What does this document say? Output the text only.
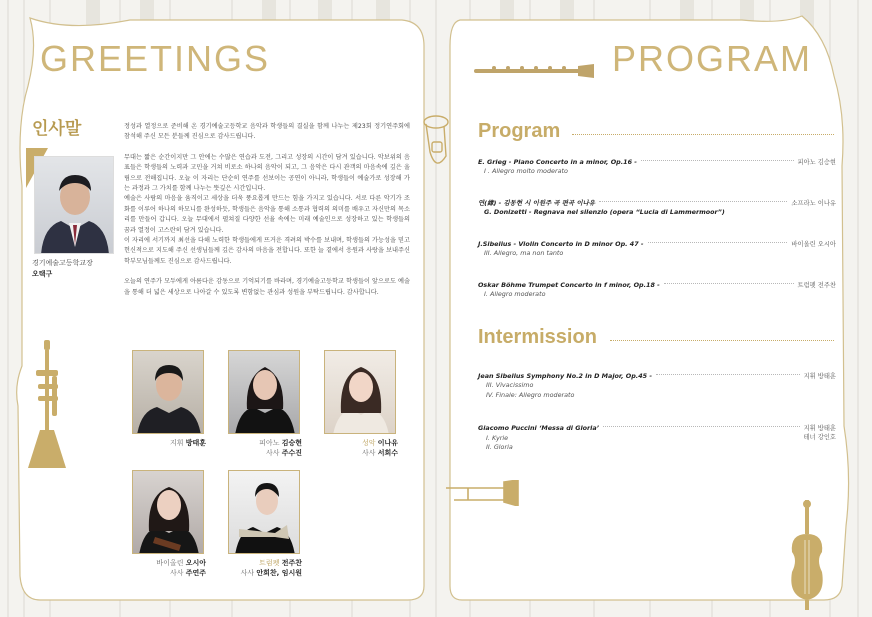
GREETINGS	PROGRAM
인사말
경기예술고등학교장
오택구

정성과 열정으로 준비해 온 경기예술고등학교 음악과 학생들의 결실을 함께 나누는 제23회 정기연주회에 참석해 주신 모든 분들께 진심으로 감사드립니다.

무대는 짧은 순간이지만 그 안에는 수많은 연습과 도전, 그리고 성장의 시간이 담겨 있습니다. 악보위의 음표들은 학생들의 노력과 고민을 거쳐 비로소 하나의 음악이 되고, 그 음악은 다시 관객의 마음속에 깊은 울림으로 전해집니다. 오늘 이 자리는 단순히 연주를 선보이는 공연이 아니라, 학생들이 예술가로 성장해 가는 과정과 그 가치를 함께 나누는 뜻깊은 시간입니다.

예술은 사람의 마음을 움직이고 세상을 더욱 풍요롭게 만드는 힘을 가지고 있습니다. 서로 다른 악기가 조화를 이루어 하나의 하모니를 완성하듯, 학생들은 음악을 통해 소통과 협력의 의미를 배우고 자신만의 목소리를 만들어 갑니다. 오늘 무대에서 펼쳐질 다양한 선율 속에는 미래 예술인으로 성장하고 있는 학생들의 꿈과 열정이 고스란히 담겨 있습니다.

이 자리에 서기까지 최선을 다해 노력한 학생들에게 뜨거운 격려의 박수를 보내며, 학생들의 가능성을 믿고 헌신적으로 지도해 주신 선생님들께 깊은 감사의 마음을 전합니다. 또한 늘 곁에서 응원과 사랑을 보내주신 학부모님들께도 진심으로 감사드립니다.

오늘의 연주가 모두에게 아름다운 감동으로 기억되기를 바라며, 경기예술고등학교 학생들이 앞으로도 예술을 통해 더 넓은 세상으로 나아갈 수 있도록 변함없는 관심과 성원을 부탁드립니다. 감사합니다.

지휘 방태훈	피아노 김승현
사사 주수진
성악 이나유
사사 서희수
바이올린 오시아
사사 주연주
트럼펫 전주찬
사사 안희찬, 임시원
Program
E. Grieg - Piano Concerto in a minor, Op.16 -	피아노 김승현
I . Allegro molto moderato
연(緣) - 김동현 시 이원주 곡 편곡 이나유	소프라노 이나유
G. Donizetti - Regnava nel silenzio (opera “Lucia di Lammermoor”)
J.Sibelius - Violin Concerto in D minor Op. 47 -	바이올린 오시아
III. Allegro, ma non tanto
Oskar Böhme Trumpet Concerto in f minor, Op.18 -	트럼펫 전주찬
I. Allegro moderato
Intermission
Jean Sibelius Symphony No.2 in D Major, Op.45 -	지휘 방태훈
III. Vivacissimo
IV. Finale: Allegro moderato
Giacomo Puccini ‘Messa di Gloria’	지휘 방태훈
테너 강인호
I. Kyrie
II. Gloria
